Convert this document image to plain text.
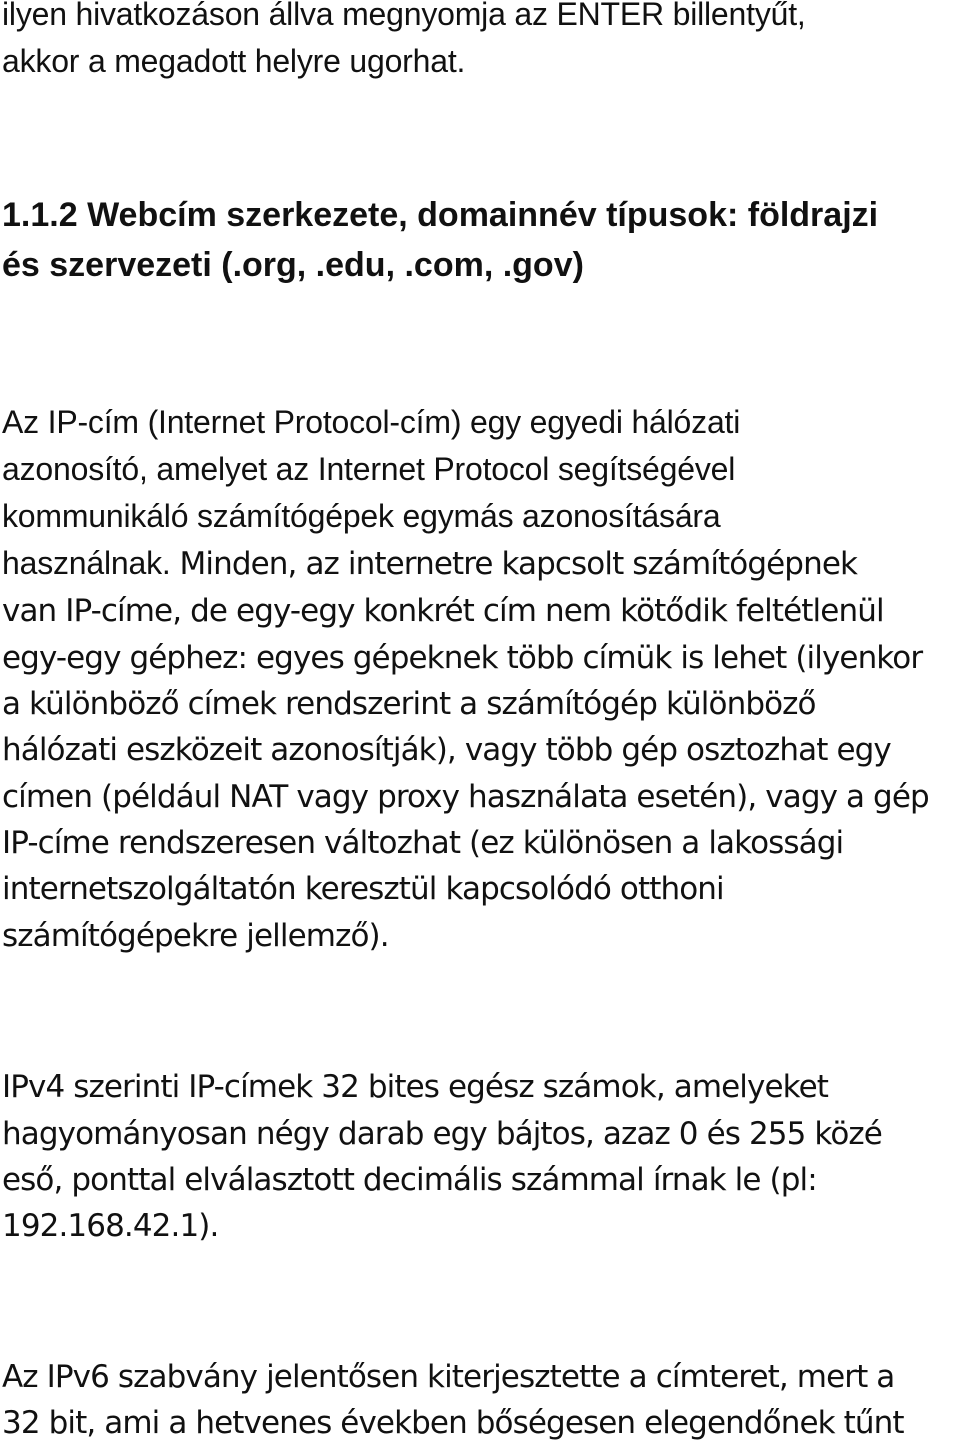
ilyen hivatkozáson állva megnyomja az ENTER billentyűt,

akkor a megadott helyre ugorhat.

1.1.2 Webcím szerkezete, domainnév típusok: földrajzi

és szervezeti (.org, .edu, .com, .gov)

Az IP-cím (Internet Protocol-cím) egy egyedi hálózati

azonosító, amelyet az Internet Protocol segítségével

kommunikáló számítógépek egymás azonosítására

használnak. Minden, az internetre kapcsolt számítógépnek

van IP-címe, de egy-egy konkrét cím nem kötődik feltétlenül

egy-egy géphez: egyes gépeknek több címük is lehet (ilyenkor

a különböző címek rendszerint a számítógép különböző

hálózati eszközeit azonosítják), vagy több gép osztozhat egy

címen (például NAT vagy proxy használata esetén), vagy a gép

IP-címe rendszeresen változhat (ez különösen a lakossági

internetszolgáltatón keresztül kapcsolódó otthoni

számítógépekre jellemző).

IPv4 szerinti IP-címek 32 bites egész számok, amelyeket

hagyományosan négy darab egy bájtos, azaz 0 és 255 közé

eső, ponttal elválasztott decimális számmal írnak le (pl:

192.168.42.1).

Az IPv6 szabvány jelentősen kiterjesztette a címteret, mert a

32 bit, ami a hetvenes években bőségesen elegendőnek tűnt
